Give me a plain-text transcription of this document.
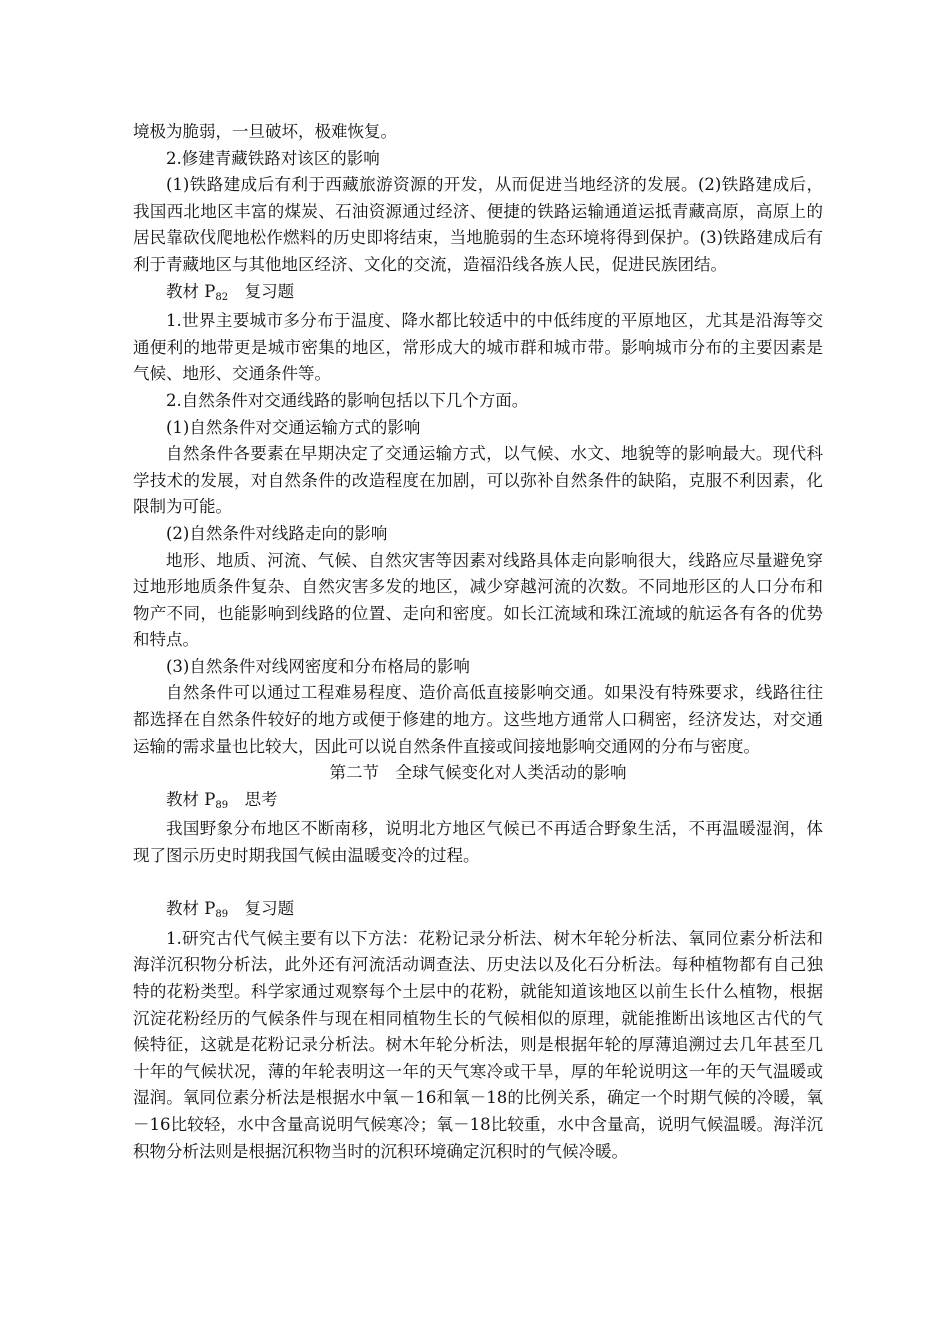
境极为脆弱，一旦破坏，极难恢复。

2.修建青藏铁路对该区的影响

(1)铁路建成后有利于西藏旅游资源的开发，从而促进当地经济的发展。(2)铁路建成后，我国西北地区丰富的煤炭、石油资源通过经济、便捷的铁路运输通道运抵青藏高原，高原上的居民靠砍伐爬地松作燃料的历史即将结束，当地脆弱的生态环境将得到保护。(3)铁路建成后有利于青藏地区与其他地区经济、文化的交流，造福沿线各族人民，促进民族团结。

教材 P82　复习题

1.世界主要城市多分布于温度、降水都比较适中的中低纬度的平原地区，尤其是沿海等交通便利的地带更是城市密集的地区，常形成大的城市群和城市带。影响城市分布的主要因素是气候、地形、交通条件等。

2.自然条件对交通线路的影响包括以下几个方面。

(1)自然条件对交通运输方式的影响

自然条件各要素在早期决定了交通运输方式，以气候、水文、地貌等的影响最大。现代科学技术的发展，对自然条件的改造程度在加剧，可以弥补自然条件的缺陷，克服不利因素，化限制为可能。

(2)自然条件对线路走向的影响

地形、地质、河流、气候、自然灾害等因素对线路具体走向影响很大，线路应尽量避免穿过地形地质条件复杂、自然灾害多发的地区，减少穿越河流的次数。不同地形区的人口分布和物产不同，也能影响到线路的位置、走向和密度。如长江流域和珠江流域的航运各有各的优势和特点。

(3)自然条件对线网密度和分布格局的影响

自然条件可以通过工程难易程度、造价高低直接影响交通。如果没有特殊要求，线路往往都选择在自然条件较好的地方或便于修建的地方。这些地方通常人口稠密，经济发达，对交通运输的需求量也比较大，因此可以说自然条件直接或间接地影响交通网的分布与密度。

第二节　全球气候变化对人类活动的影响

教材 P89　思考

我国野象分布地区不断南移，说明北方地区气候已不再适合野象生活，不再温暖湿润，体现了图示历史时期我国气候由温暖变冷的过程。

教材 P89　复习题

1.研究古代气候主要有以下方法：花粉记录分析法、树木年轮分析法、氧同位素分析法和海洋沉积物分析法，此外还有河流活动调查法、历史法以及化石分析法。每种植物都有自己独特的花粉类型。科学家通过观察每个土层中的花粉，就能知道该地区以前生长什么植物，根据沉淀花粉经历的气候条件与现在相同植物生长的气候相似的原理，就能推断出该地区古代的气候特征，这就是花粉记录分析法。树木年轮分析法，则是根据年轮的厚薄追溯过去几年甚至几十年的气候状况，薄的年轮表明这一年的天气寒冷或干旱，厚的年轮说明这一年的天气温暖或湿润。氧同位素分析法是根据水中氧－16和氧－18的比例关系，确定一个时期气候的冷暖，氧－16比较轻，水中含量高说明气候寒冷；氧－18比较重，水中含量高，说明气候温暖。海洋沉积物分析法则是根据沉积物当时的沉积环境确定沉积时的气候冷暖。
